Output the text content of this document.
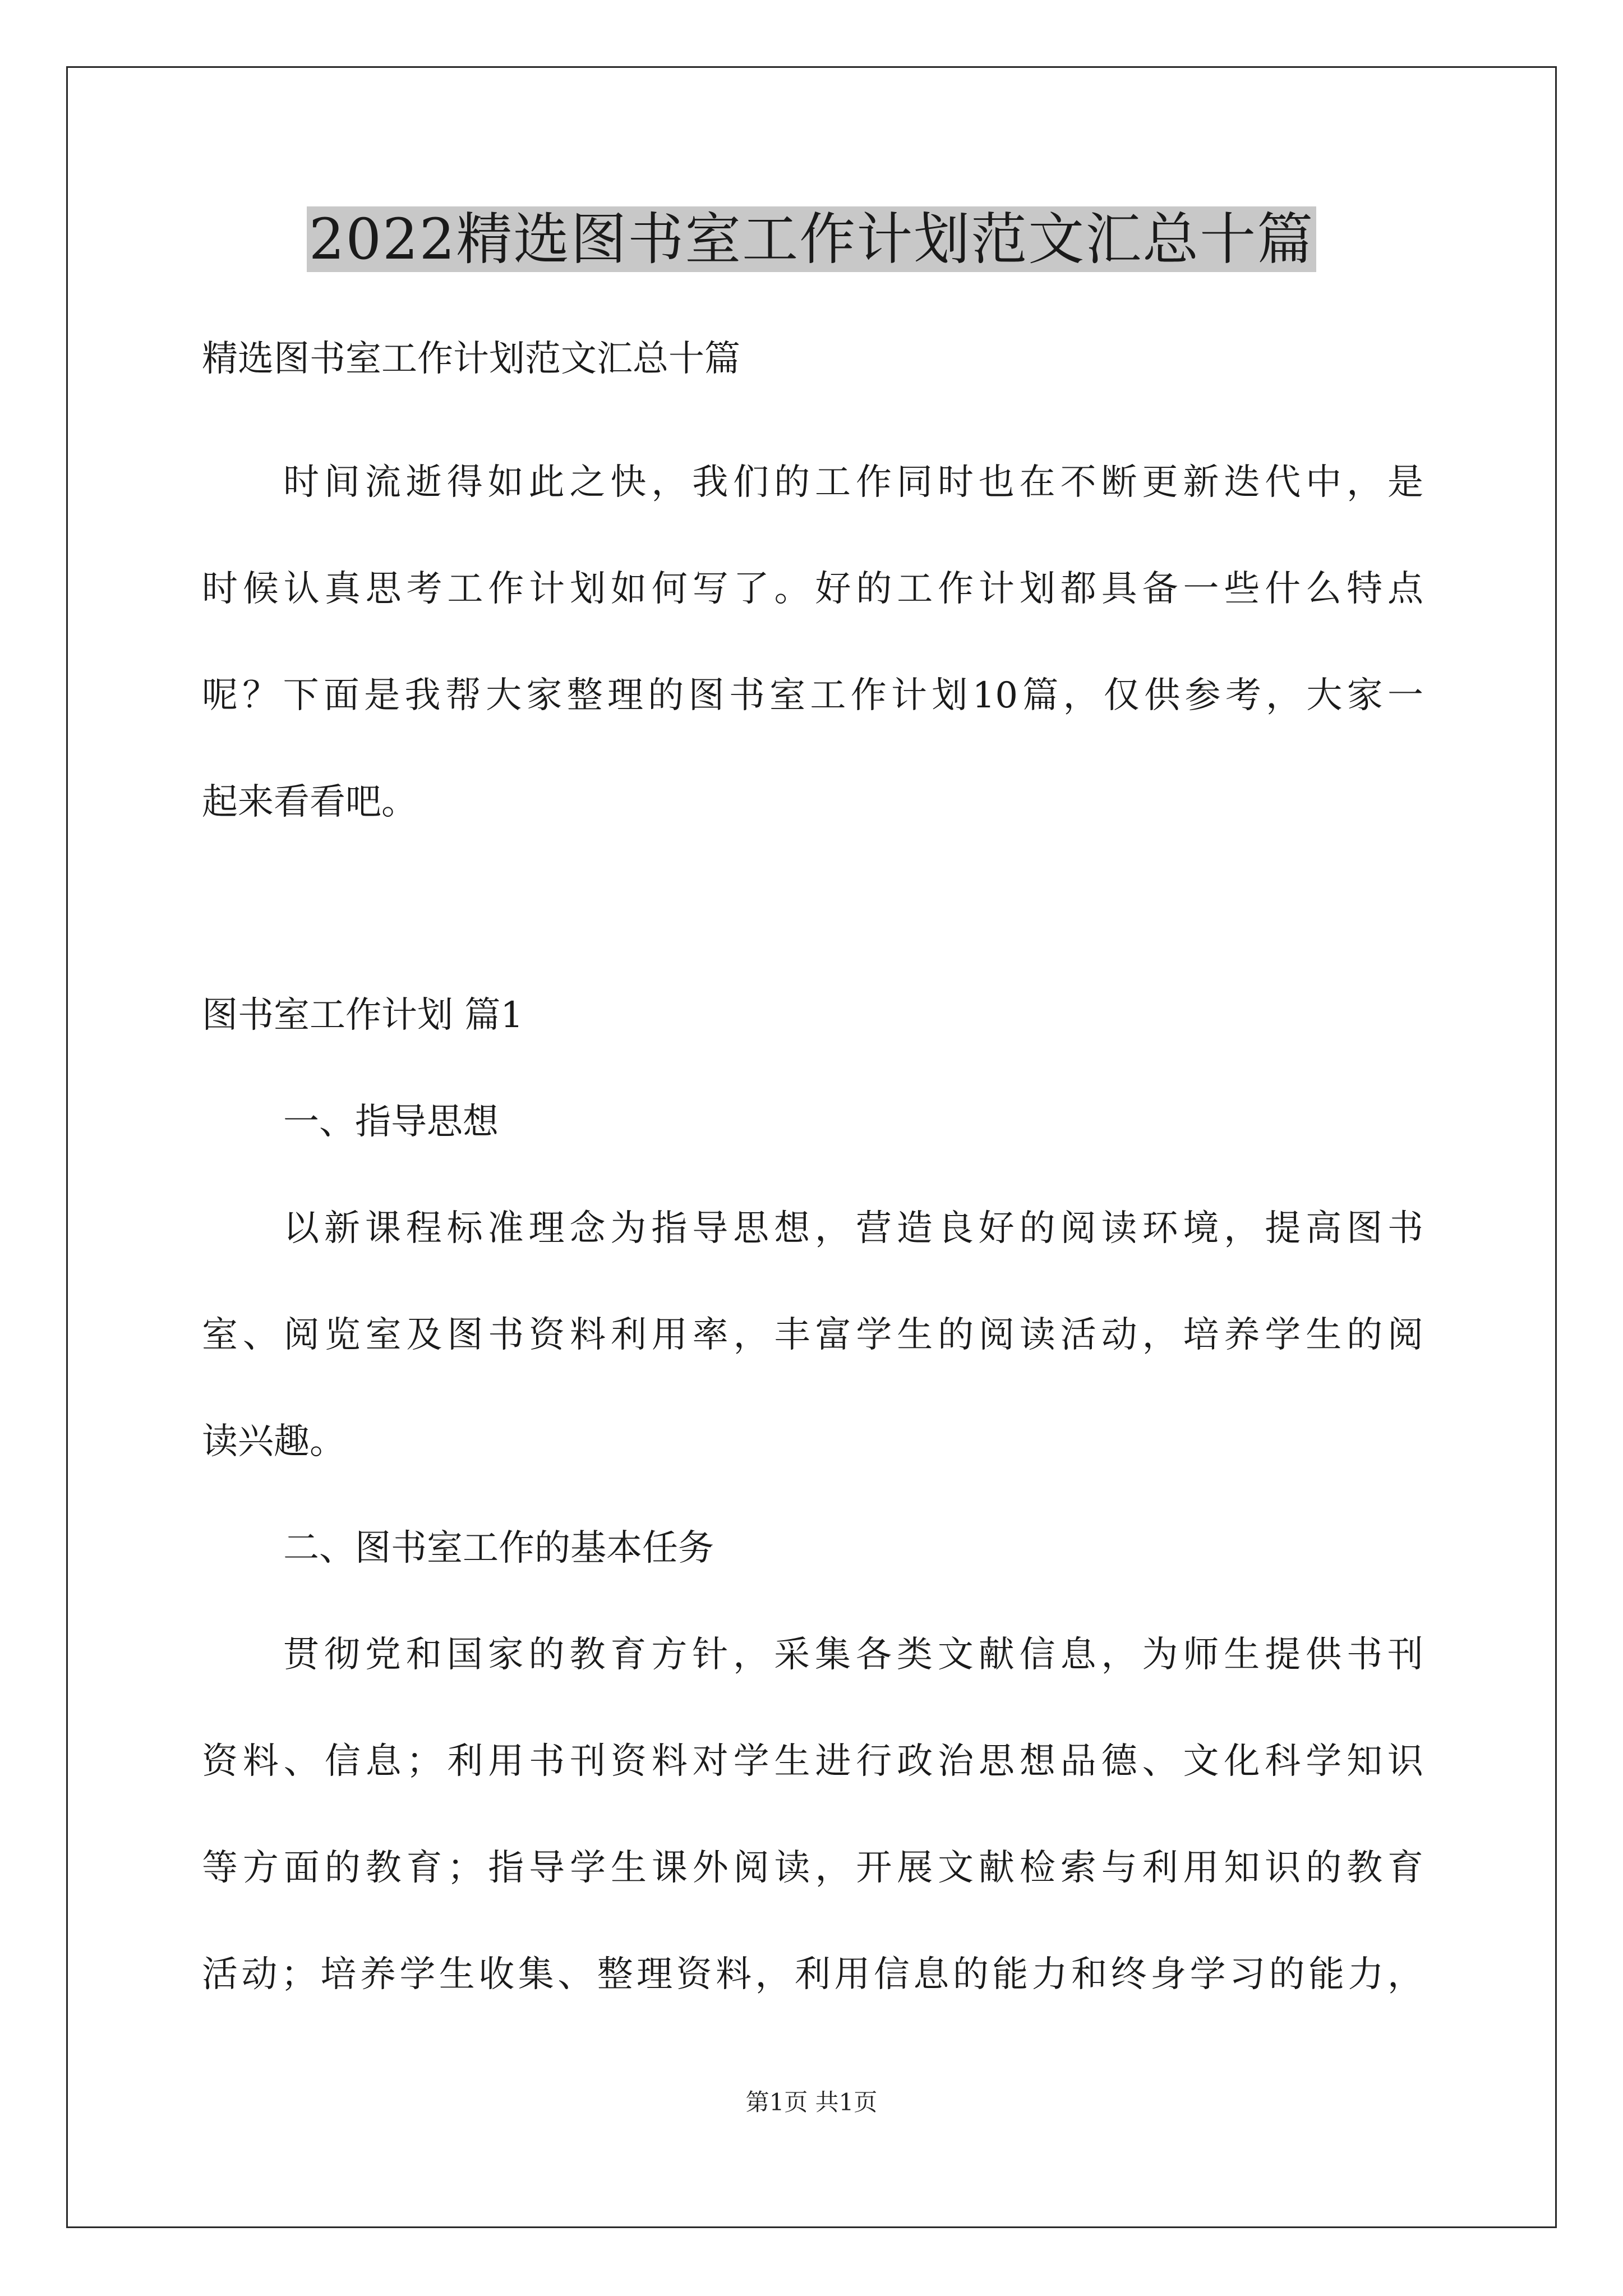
2022精选图书室工作计划范文汇总十篇
精选图书室工作计划范文汇总十篇
时间流逝得如此之快，我们的工作同时也在不断更新迭代中，是
时候认真思考工作计划如何写了。好的工作计划都具备一些什么特点
呢？下面是我帮大家整理的图书室工作计划10篇，仅供参考，大家一
起来看看吧。
图书室工作计划 篇1
一、指导思想
以新课程标准理念为指导思想，营造良好的阅读环境，提高图书
室、阅览室及图书资料利用率，丰富学生的阅读活动，培养学生的阅
读兴趣。
二、图书室工作的基本任务
贯彻党和国家的教育方针，采集各类文献信息，为师生提供书刊
资料、信息；利用书刊资料对学生进行政治思想品德、文化科学知识
等方面的教育；指导学生课外阅读，开展文献检索与利用知识的教育
活动；培养学生收集、整理资料，利用信息的能力和终身学习的能力，
第1页 共1页
